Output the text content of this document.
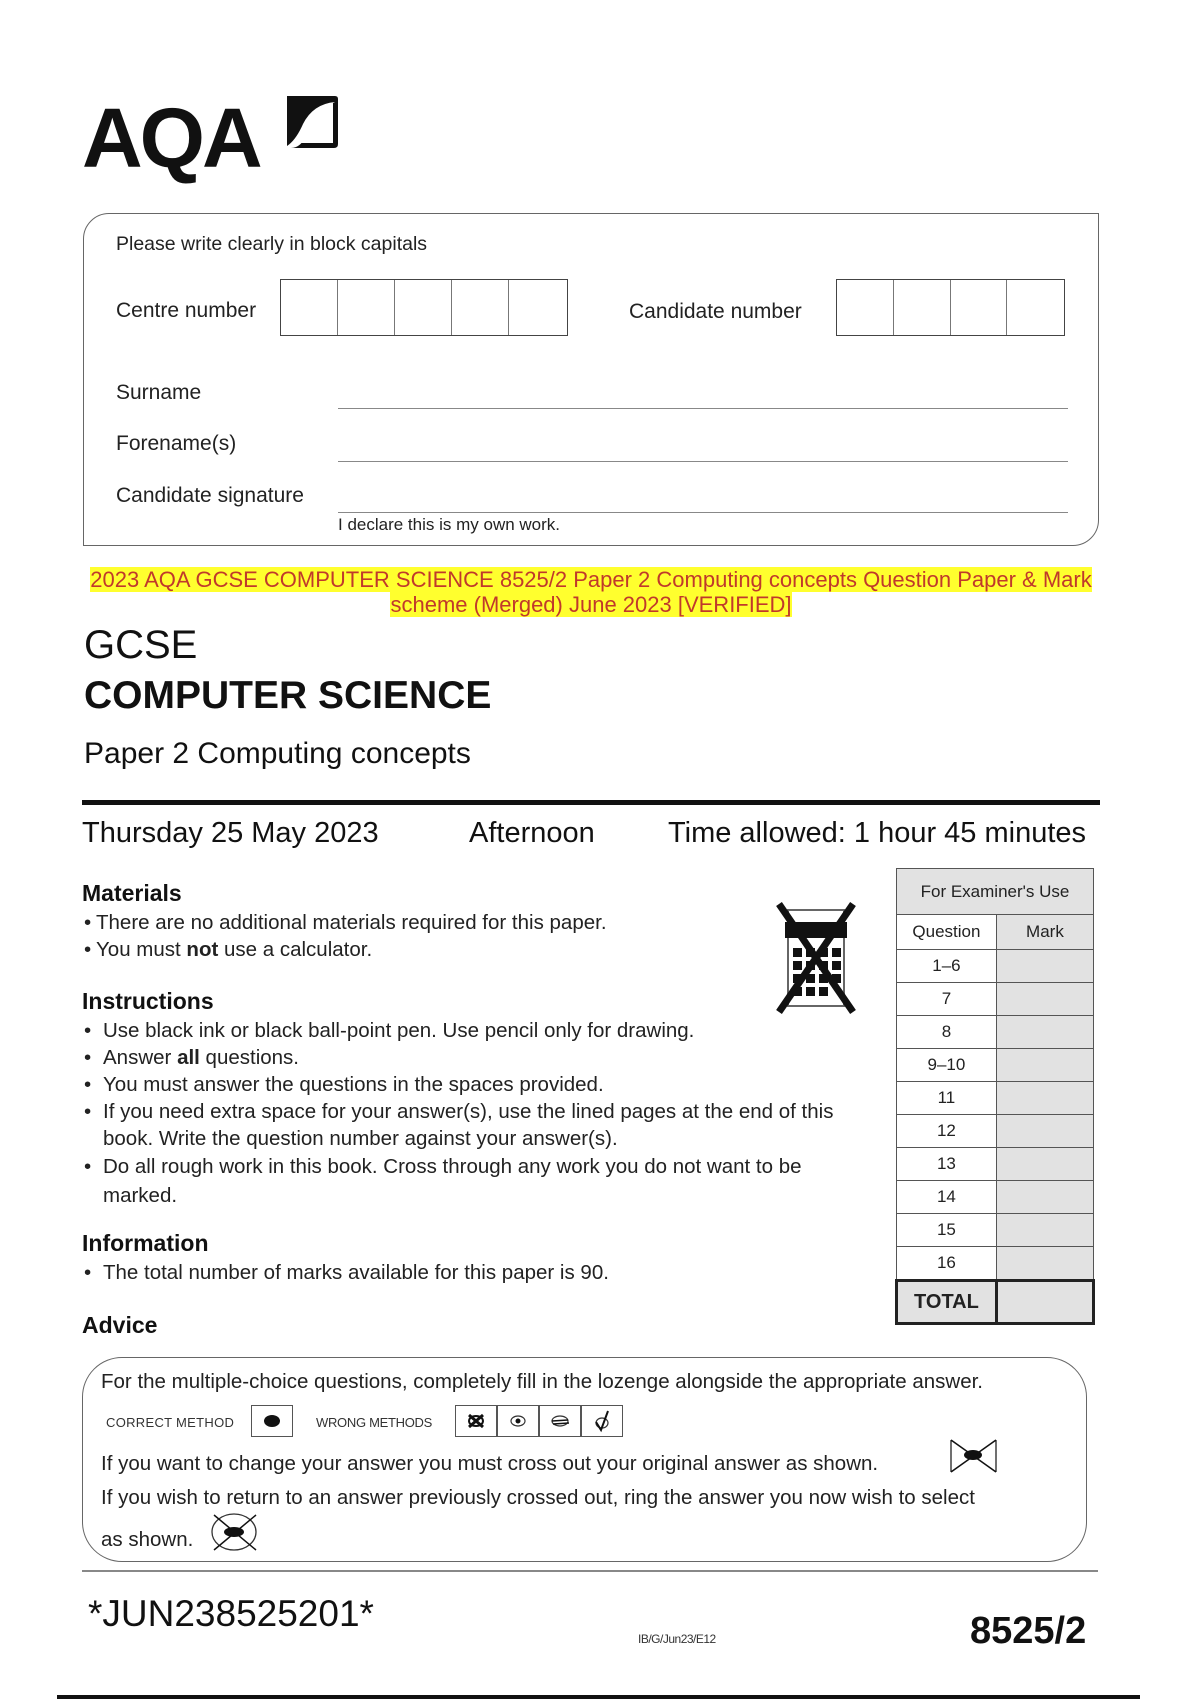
AQA
Please write clearly in block capitals
Centre number	Candidate number
Surname
Forename(s)
Candidate signature
I declare this is my own work.
2023 AQA GCSE COMPUTER SCIENCE 8525/2 Paper 2 Computing concepts Question Paper & Mark scheme (Merged) June 2023 [VERIFIED]
GCSE
COMPUTER SCIENCE
Paper 2 Computing concepts
Thursday 25 May 2023	Afternoon	Time allowed: 1 hour 45 minutes
Materials
• There are no additional materials required for this paper.
• You must not use a calculator.
Instructions
• Use black ink or black ball-point pen. Use pencil only for drawing.
• Answer all questions.
• You must answer the questions in the spaces provided.
• If you need extra space for your answer(s), use the lined pages at the end of this book. Write the question number against your answer(s).
• Do all rough work in this book. Cross through any work you do not want to be marked.
Information
• The total number of marks available for this paper is 90.
Advice
For Examiner's Use	
Question	Mark
1–6	
7	
8	
9–10	
11	
12	
13	
14	
15	
16	
TOTAL	
For the multiple-choice questions, completely fill in the lozenge alongside the appropriate answer.
CORRECT METHOD	WRONG METHODS
If you want to change your answer you must cross out your original answer as shown.
If you wish to return to an answer previously crossed out, ring the answer you now wish to select
as shown.
*JUN238525201*
IB/G/Jun23/E12	8525/2
